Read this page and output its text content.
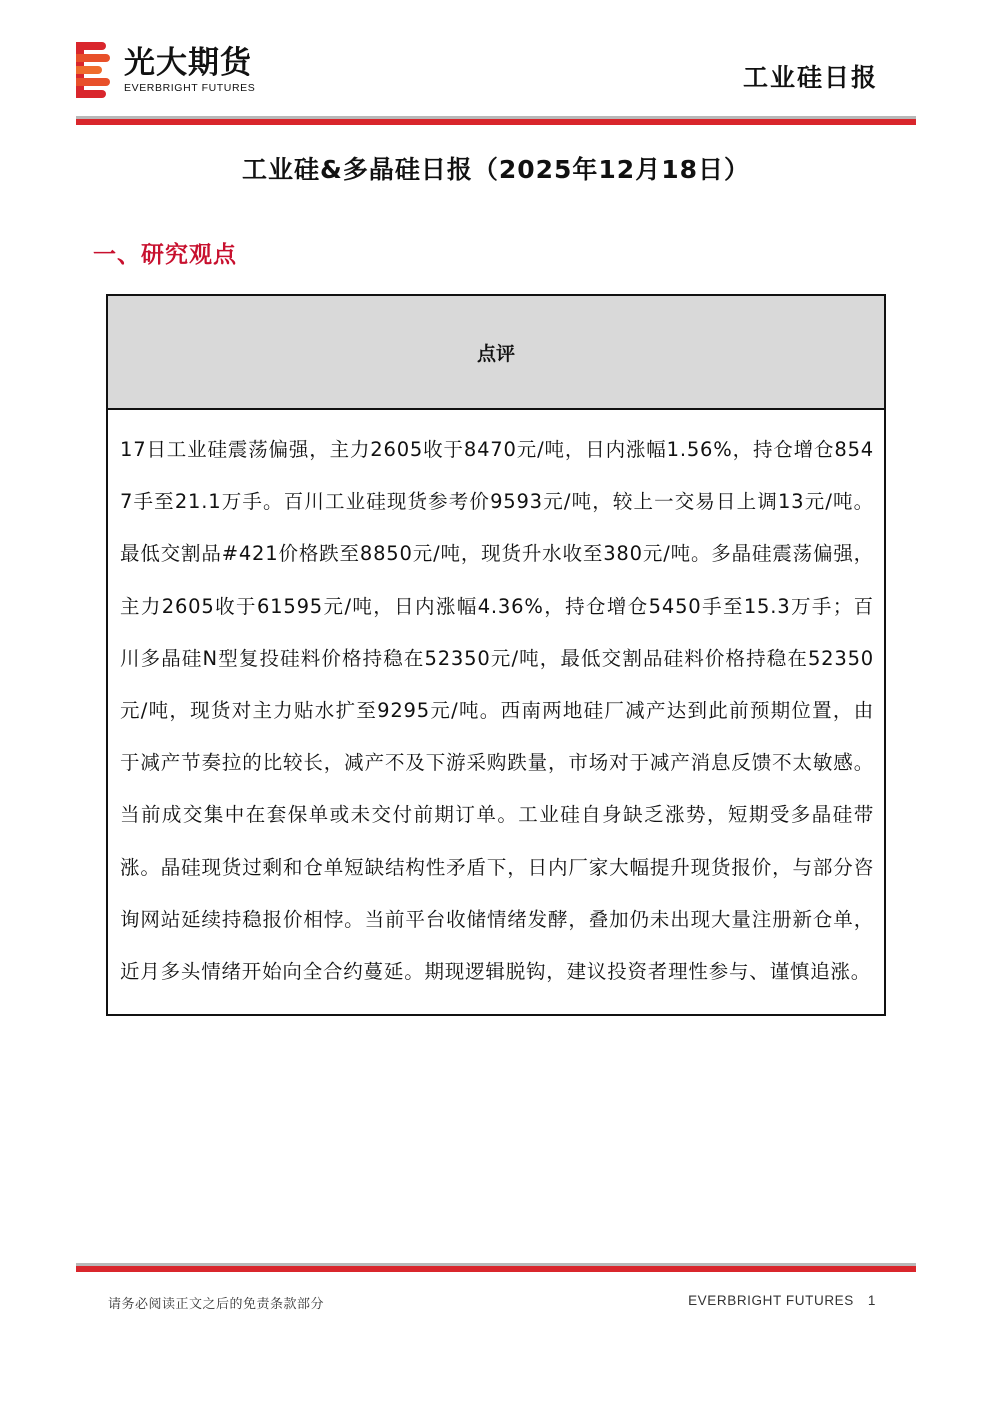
光大期货
EVERBRIGHT FUTURES	工业硅日报
工业硅&多晶硅日报（2025年12月18日）
一、研究观点
点评

17日工业硅震荡偏强，主力2605收于8470元/吨，日内涨幅1.56%，持仓增仓8547手至21.1万手。百川工业硅现货参考价9593元/吨，较上一交易日上调13元/吨。最低交割品#421价格跌至8850元/吨，现货升水收至380元/吨。多晶硅震荡偏强，主力2605收于61595元/吨，日内涨幅4.36%，持仓增仓5450手至15.3万手；百川多晶硅N型复投硅料价格持稳在52350元/吨，最低交割品硅料价格持稳在52350元/吨，现货对主力贴水扩至9295元/吨。西南两地硅厂减产达到此前预期位置，由于减产节奏拉的比较长，减产不及下游采购跌量，市场对于减产消息反馈不太敏感。当前成交集中在套保单或未交付前期订单。工业硅自身缺乏涨势，短期受多晶硅带涨。晶硅现货过剩和仓单短缺结构性矛盾下，日内厂家大幅提升现货报价，与部分咨询网站延续持稳报价相悖。当前平台收储情绪发酵，叠加仍未出现大量注册新仓单，近月多头情绪开始向全合约蔓延。期现逻辑脱钩，建议投资者理性参与、谨慎追涨。

请务必阅读正文之后的免责条款部分	EVERBRIGHT FUTURES 1
